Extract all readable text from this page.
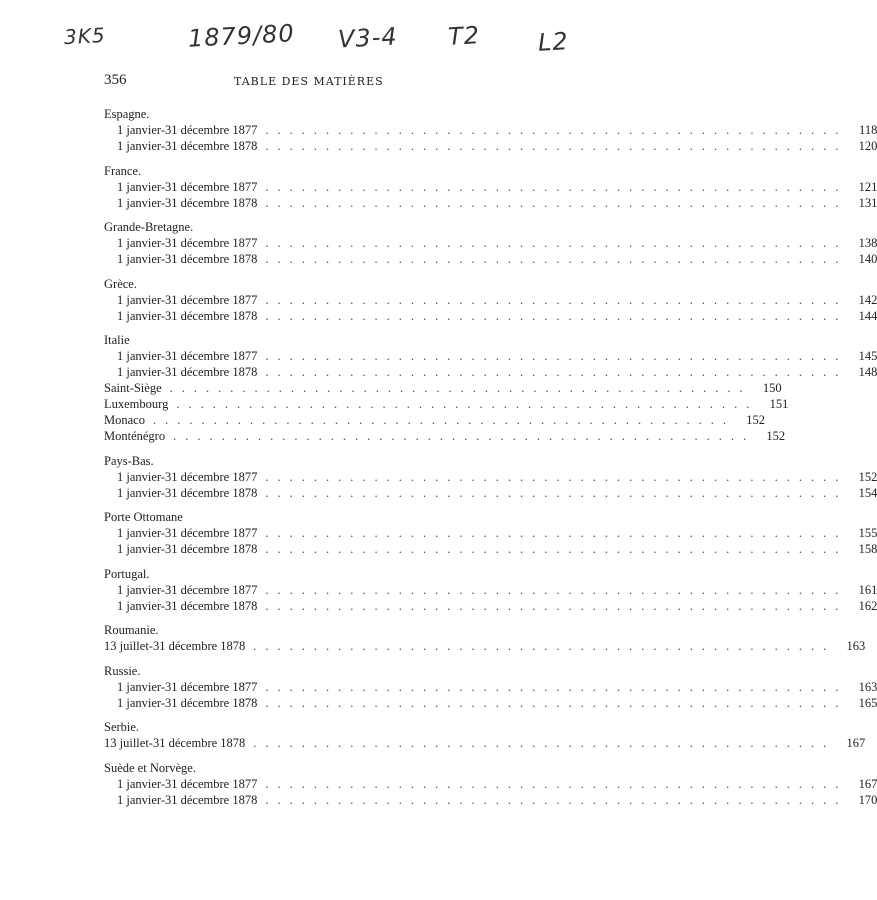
3K5	1879/80 V3-4 T2 L2
356	TABLE DES MATIÈRES
Espagne.
1 janvier-31 décembre 1877 ................................................ 118
1 janvier-31 décembre 1878 ................................................ 120
France.
1 janvier-31 décembre 1877 ................................................ 121
1 janvier-31 décembre 1878 ................................................ 131
Grande-Bretagne.
1 janvier-31 décembre 1877 ................................................ 138
1 janvier-31 décembre 1878 ................................................ 140
Grèce.
1 janvier-31 décembre 1877 ................................................ 142
1 janvier-31 décembre 1878 ................................................ 144
Italie
1 janvier-31 décembre 1877 ................................................ 145
1 janvier-31 décembre 1878 ................................................ 148
Saint-Siège ................................................ 150
Luxembourg ................................................ 151
Monaco ................................................ 152
Monténégro ................................................ 152
Pays-Bas.
1 janvier-31 décembre 1877 ................................................ 152
1 janvier-31 décembre 1878 ................................................ 154
Porte Ottomane
1 janvier-31 décembre 1877 ................................................ 155
1 janvier-31 décembre 1878 ................................................ 158
Portugal.
1 janvier-31 décembre 1877 ................................................ 161
1 janvier-31 décembre 1878 ................................................ 162
Roumanie.
13 juillet-31 décembre 1878 ................................................ 163
Russie.
1 janvier-31 décembre 1877 ................................................ 163
1 janvier-31 décembre 1878 ................................................ 165
Serbie.
13 juillet-31 décembre 1878 ................................................ 167
Suède et Norvège.
1 janvier-31 décembre 1877 ................................................ 167
1 janvier-31 décembre 1878 ................................................ 170
